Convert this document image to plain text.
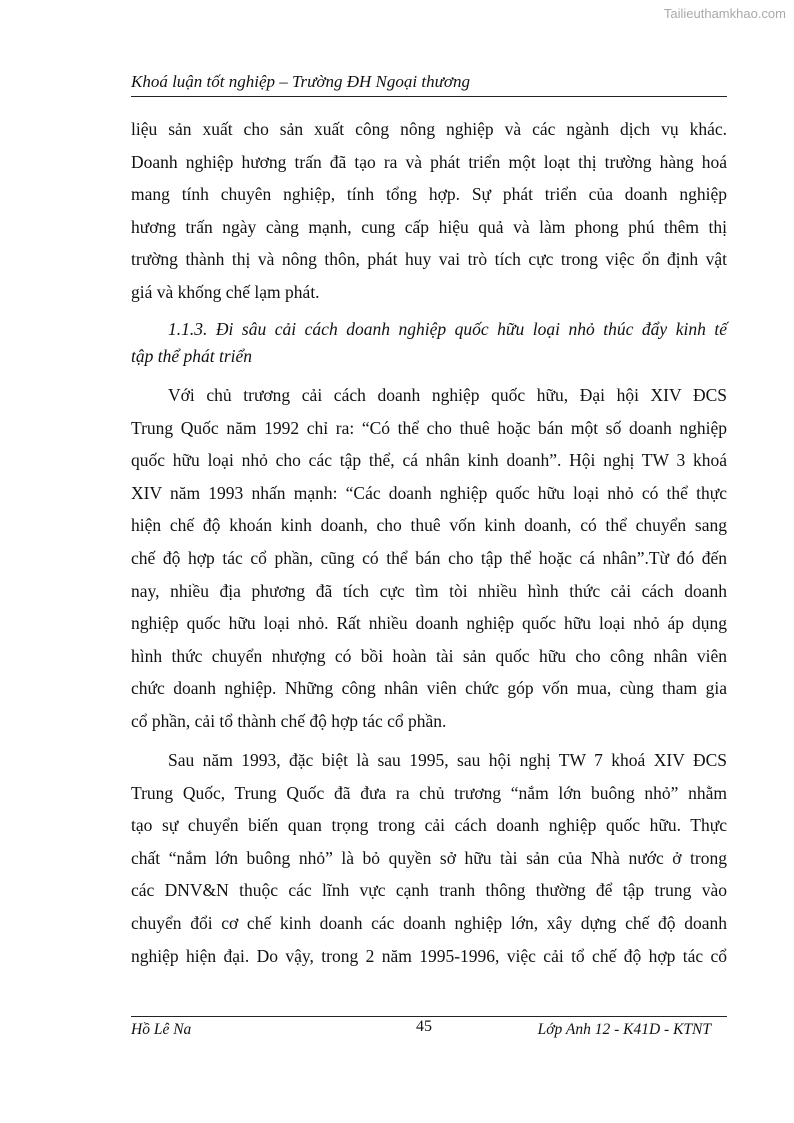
Tailieuthamkhao.com
Khoá luận tốt nghiệp – Trường ĐH Ngoại thương
liệu sản xuất cho sản xuất công nông nghiệp và các ngành dịch vụ khác.
Doanh nghiệp hương trấn đã tạo ra và phát triển một loạt thị trường hàng hoá
mang tính chuyên nghiệp, tính tổng hợp. Sự phát triển của doanh nghiệp
hương trấn ngày càng mạnh, cung cấp hiệu quả và làm phong phú thêm thị
trường thành thị và nông thôn, phát huy vai trò tích cực trong việc ổn định vật
giá và khống chế lạm phát.
1.1.3. Đi sâu cải cách doanh nghiệp quốc hữu loại nhỏ thúc đẩy kinh tế
tập thể phát triển
Với chủ trương cải cách doanh nghiệp quốc hữu, Đại hội XIV ĐCS
Trung Quốc năm 1992 chỉ ra: “Có thể cho thuê hoặc bán một số doanh nghiệp
quốc hữu loại nhỏ cho các tập thể, cá nhân kinh doanh”. Hội nghị TW 3 khoá
XIV năm 1993 nhấn mạnh: “Các doanh nghiệp quốc hữu loại nhỏ có thể thực
hiện chế độ khoán kinh doanh, cho thuê vốn kinh doanh, có thể chuyển sang
chế độ hợp tác cổ phần, cũng có thể bán cho tập thể hoặc cá nhân”.Từ đó đến
nay, nhiều địa phương đã tích cực tìm tòi nhiều hình thức cải cách doanh
nghiệp quốc hữu loại nhỏ. Rất nhiều doanh nghiệp quốc hữu loại nhỏ áp dụng
hình thức chuyển nhượng có bồi hoàn tài sản quốc hữu cho công nhân viên
chức doanh nghiệp. Những công nhân viên chức góp vốn mua, cùng tham gia
cổ phần, cải tổ thành chế độ hợp tác cổ phần.
Sau năm 1993, đặc biệt là sau 1995, sau hội nghị TW 7 khoá XIV ĐCS
Trung Quốc, Trung Quốc đã đưa ra chủ trương “nắm lớn buông nhỏ” nhằm
tạo sự chuyển biến quan trọng trong cải cách doanh nghiệp quốc hữu. Thực
chất “nắm lớn buông nhỏ” là bỏ quyền sở hữu tài sản của Nhà nước ở trong
các DNV&N thuộc các lĩnh vực cạnh tranh thông thường để tập trung vào
chuyển đổi cơ chế kinh doanh các doanh nghiệp lớn, xây dựng chế độ doanh
nghiệp hiện đại. Do vậy, trong 2 năm 1995-1996, việc cải tổ chế độ hợp tác cổ
Hồ Lê Na	45	Lớp Anh 12 - K41D - KTNT
